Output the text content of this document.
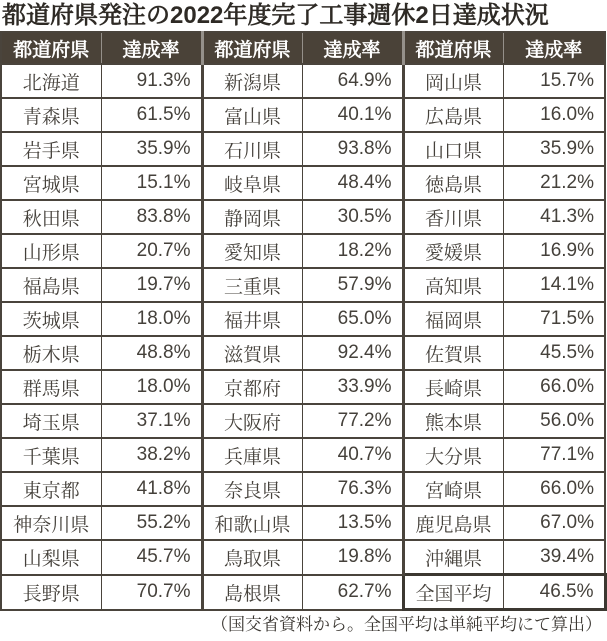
都道府県発注の2022年度完了工事週休2日達成状況
都道府県	達成率	都道府県	達成率	都道府県	達成率
北海道	91.3%	新潟県	64.9%	岡山県	15.7%
青森県	61.5%	富山県	40.1%	広島県	16.0%
岩手県	35.9%	石川県	93.8%	山口県	35.9%
宮城県	15.1%	岐阜県	48.4%	徳島県	21.2%
秋田県	83.8%	静岡県	30.5%	香川県	41.3%
山形県	20.7%	愛知県	18.2%	愛媛県	16.9%
福島県	19.7%	三重県	57.9%	高知県	14.1%
茨城県	18.0%	福井県	65.0%	福岡県	71.5%
栃木県	48.8%	滋賀県	92.4%	佐賀県	45.5%
群馬県	18.0%	京都府	33.9%	長崎県	66.0%
埼玉県	37.1%	大阪府	77.2%	熊本県	56.0%
千葉県	38.2%	兵庫県	40.7%	大分県	77.1%
東京都	41.8%	奈良県	76.3%	宮崎県	66.0%
神奈川県	55.2%	和歌山県	13.5%	鹿児島県	67.0%
山梨県	45.7%	鳥取県	19.8%	沖縄県	39.4%
長野県	70.7%	島根県	62.7%	全国平均	46.5%
（国交省資料から。全国平均は単純平均にて算出）
